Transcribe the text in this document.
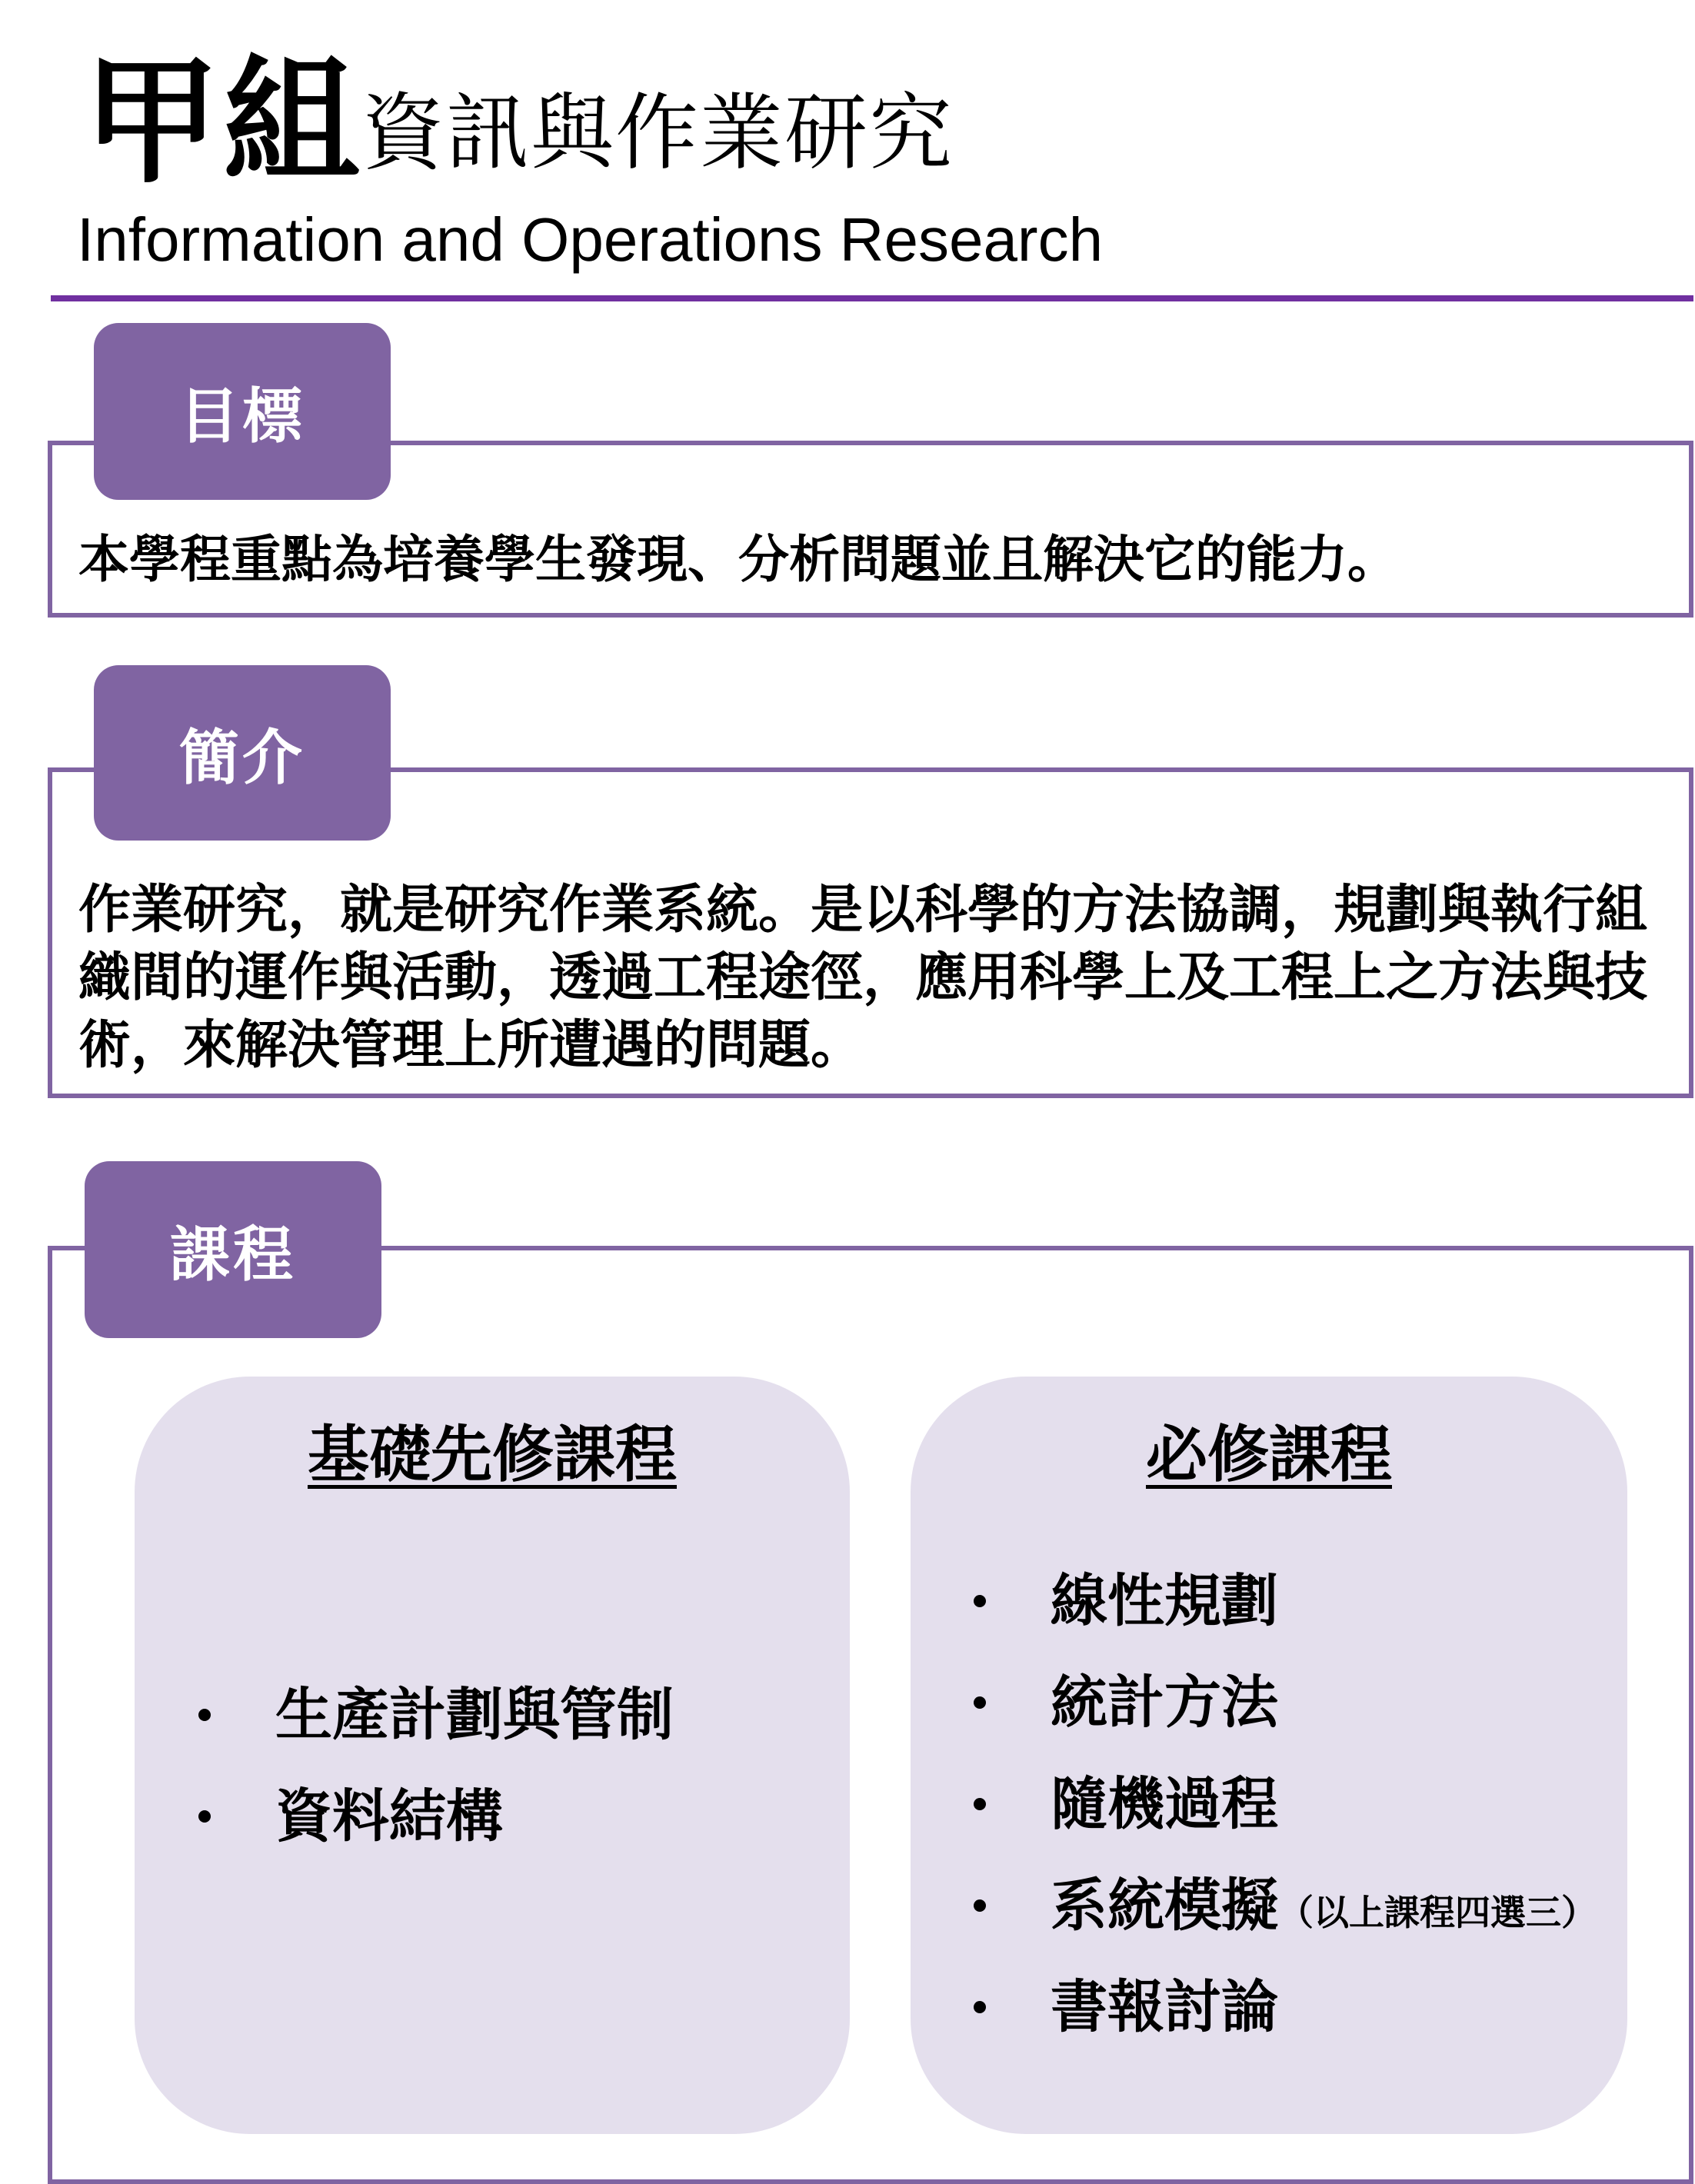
甲組
資訊與作業研究
Information and Operations Research
目標
本學程重點為培養學生發現、分析問題並且解決它的能力。
簡介
作業研究，就是研究作業系統。是以科學的方法協調，規劃與執行組織間的運作與活動，透過工程途徑，應用科學上及工程上之方法與技術，來解決管理上所遭遇的問題。
課程
基礎先修課程	必修課程
生產計劃與管制
資料結構
線性規劃
統計方法
隨機過程
系統模擬（以上課程四選三）
書報討論
